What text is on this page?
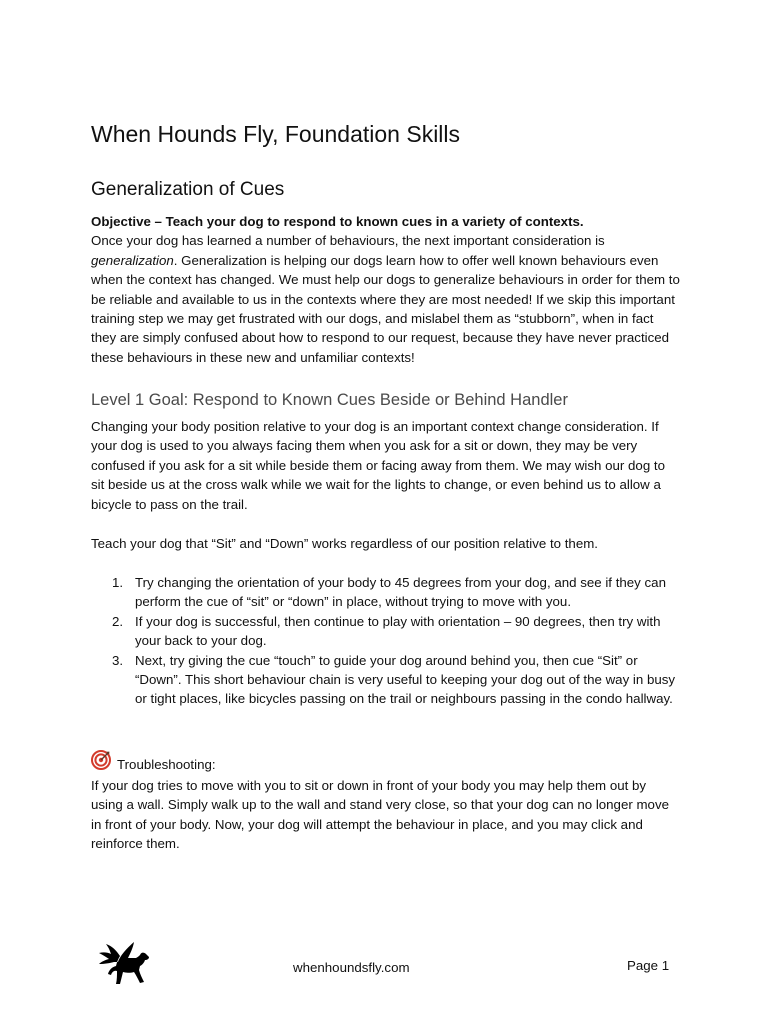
When Hounds Fly, Foundation Skills
Generalization of Cues
Objective – Teach your dog to respond to known cues in a variety of contexts.

Once your dog has learned a number of behaviours, the next important consideration is generalization. Generalization is helping our dogs learn how to offer well known behaviours even when the context has changed. We must help our dogs to generalize behaviours in order for them to be reliable and available to us in the contexts where they are most needed! If we skip this important training step we may get frustrated with our dogs, and mislabel them as “stubborn”, when in fact they are simply confused about how to respond to our request, because they have never practiced these behaviours in these new and unfamiliar contexts!

Level 1 Goal: Respond to Known Cues Beside or Behind Handler

Changing your body position relative to your dog is an important context change consideration. If your dog is used to you always facing them when you ask for a sit or down, they may be very confused if you ask for a sit while beside them or facing away from them. We may wish our dog to sit beside us at the cross walk while we wait for the lights to change, or even behind us to allow a bicycle to pass on the trail.

Teach your dog that “Sit” and “Down” works regardless of our position relative to them.

1. Try changing the orientation of your body to 45 degrees from your dog, and see if they can perform the cue of “sit” or “down” in place, without trying to move with you.
2. If your dog is successful, then continue to play with orientation – 90 degrees, then try with your back to your dog.
3. Next, try giving the cue “touch” to guide your dog around behind you, then cue “Sit” or “Down”. This short behaviour chain is very useful to keeping your dog out of the way in busy or tight places, like bicycles passing on the trail or neighbours passing in the condo hallway.
Troubleshooting:

If your dog tries to move with you to sit or down in front of your body you may help them out by using a wall. Simply walk up to the wall and stand very close, so that your dog can no longer move in front of your body. Now, your dog will attempt the behaviour in place, and you may click and reinforce them.

whenhoundsfly.com	Page 1
